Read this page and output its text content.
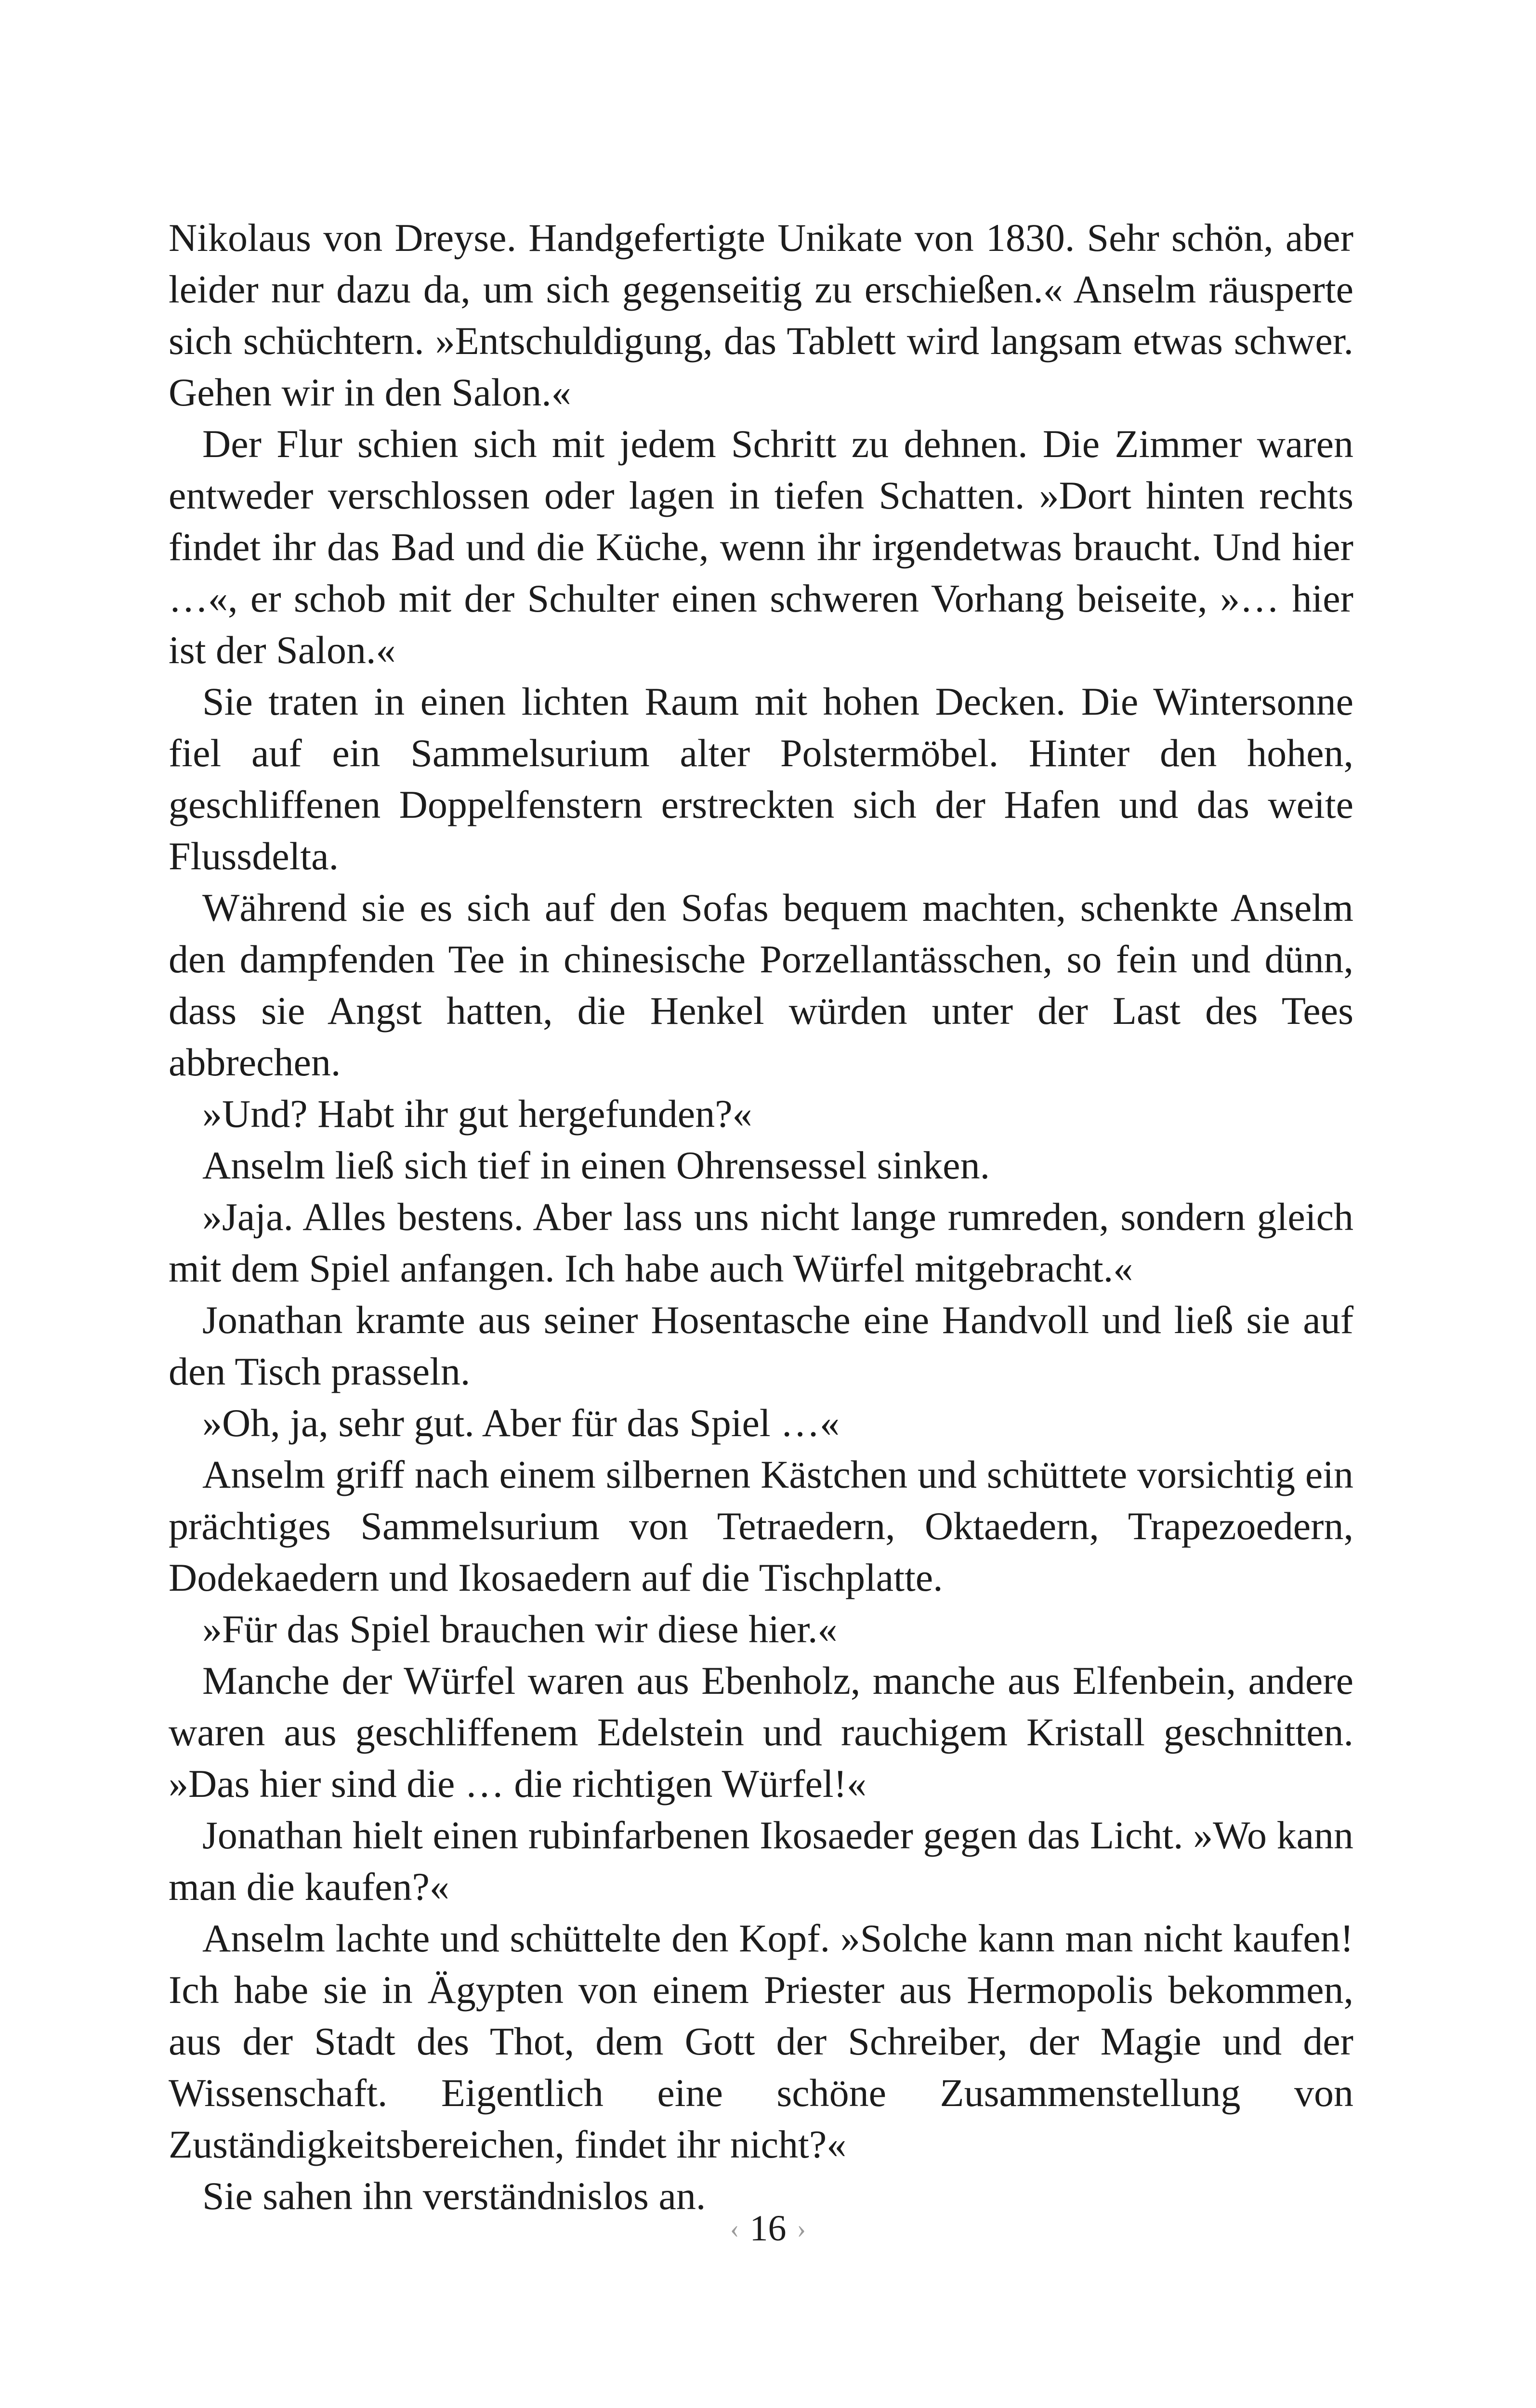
Nikolaus von Dreyse. Handgefertigte Unikate von 1830. Sehr schön, aber leider nur dazu da, um sich gegenseitig zu erschießen.« Anselm räusperte sich schüchtern. »Entschuldigung, das Tablett wird langsam etwas schwer. Gehen wir in den Salon.«

Der Flur schien sich mit jedem Schritt zu dehnen. Die Zimmer waren entweder verschlossen oder lagen in tiefen Schatten. »Dort hinten rechts findet ihr das Bad und die Küche, wenn ihr irgendetwas braucht. Und hier …«, er schob mit der Schulter einen schweren Vorhang beiseite, »… hier ist der Salon.«

Sie traten in einen lichten Raum mit hohen Decken. Die Wintersonne fiel auf ein Sammelsurium alter Polstermöbel. Hinter den hohen, geschliffenen Doppelfenstern erstreckten sich der Hafen und das weite Flussdelta.

Während sie es sich auf den Sofas bequem machten, schenkte Anselm den dampfenden Tee in chinesische Porzellantässchen, so fein und dünn, dass sie Angst hatten, die Henkel würden unter der Last des Tees abbrechen.

»Und? Habt ihr gut hergefunden?«

Anselm ließ sich tief in einen Ohrensessel sinken.

»Jaja. Alles bestens. Aber lass uns nicht lange rumreden, sondern gleich mit dem Spiel anfangen. Ich habe auch Würfel mitgebracht.«

Jonathan kramte aus seiner Hosentasche eine Handvoll und ließ sie auf den Tisch prasseln.

»Oh, ja, sehr gut. Aber für das Spiel …«

Anselm griff nach einem silbernen Kästchen und schüttete vorsichtig ein prächtiges Sammelsurium von Tetraedern, Oktaedern, Trapezoedern, Dodekaedern und Ikosaedern auf die Tischplatte.

»Für das Spiel brauchen wir diese hier.«

Manche der Würfel waren aus Ebenholz, manche aus Elfenbein, andere waren aus geschliffenem Edelstein und rauchigem Kristall geschnitten. »Das hier sind die … die richtigen Würfel!«

Jonathan hielt einen rubinfarbenen Ikosaeder gegen das Licht. »Wo kann man die kaufen?«

Anselm lachte und schüttelte den Kopf. »Solche kann man nicht kaufen! Ich habe sie in Ägypten von einem Priester aus Hermopolis bekommen, aus der Stadt des Thot, dem Gott der Schreiber, der Magie und der Wissenschaft. Eigentlich eine schöne Zusammenstellung von Zuständigkeitsbereichen, findet ihr nicht?«

Sie sahen ihn verständnislos an.

‹ 16 ›
